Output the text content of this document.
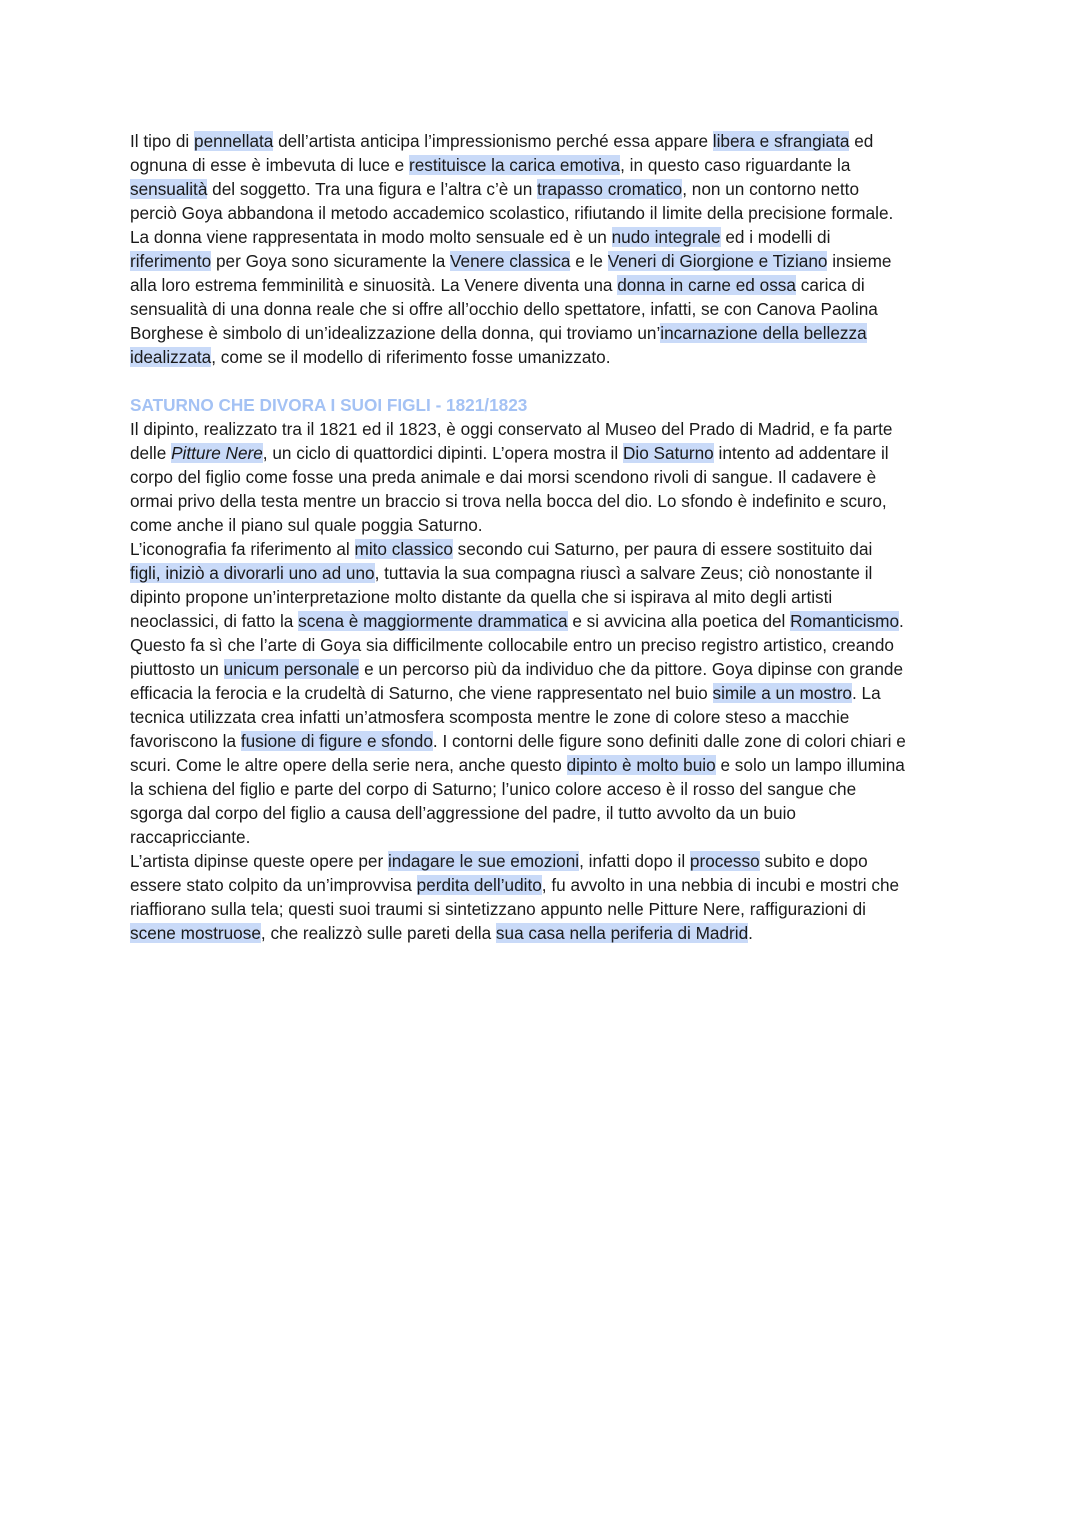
Il tipo di pennellata dell’artista anticipa l’impressionismo perché essa appare libera e sfrangiata ed
ognuna di esse è imbevuta di luce e restituisce la carica emotiva, in questo caso riguardante la
sensualità del soggetto. Tra una figura e l’altra c’è un trapasso cromatico, non un contorno netto
perciò Goya abbandona il metodo accademico scolastico, rifiutando il limite della precisione formale.
La donna viene rappresentata in modo molto sensuale ed è un nudo integrale ed i modelli di
riferimento per Goya sono sicuramente la Venere classica e le Veneri di Giorgione e Tiziano insieme
alla loro estrema femminilità e sinuosità. La Venere diventa una donna in carne ed ossa carica di
sensualità di una donna reale che si offre all’occhio dello spettatore, infatti, se con Canova Paolina
Borghese è simbolo di un’idealizzazione della donna, qui troviamo un’incarnazione della bellezza
idealizzata, come se il modello di riferimento fosse umanizzato.
SATURNO CHE DIVORA I SUOI FIGLI - 1821/1823
Il dipinto, realizzato tra il 1821 ed il 1823, è oggi conservato al Museo del Prado di Madrid, e fa parte
delle Pitture Nere, un ciclo di quattordici dipinti. L’opera mostra il Dio Saturno intento ad addentare il
corpo del figlio come fosse una preda animale e dai morsi scendono rivoli di sangue. Il cadavere è
ormai privo della testa mentre un braccio si trova nella bocca del dio. Lo sfondo è indefinito e scuro,
come anche il piano sul quale poggia Saturno.
L’iconografia fa riferimento al mito classico secondo cui Saturno, per paura di essere sostituito dai
figli, iniziò a divorarli uno ad uno, tuttavia la sua compagna riuscì a salvare Zeus; ciò nonostante il
dipinto propone un’interpretazione molto distante da quella che si ispirava al mito degli artisti
neoclassici, di fatto la scena è maggiormente drammatica e si avvicina alla poetica del Romanticismo.
Questo fa sì che l’arte di Goya sia difficilmente collocabile entro un preciso registro artistico, creando
piuttosto un unicum personale e un percorso più da individuo che da pittore. Goya dipinse con grande
efficacia la ferocia e la crudeltà di Saturno, che viene rappresentato nel buio simile a un mostro. La
tecnica utilizzata crea infatti un’atmosfera scomposta mentre le zone di colore steso a macchie
favoriscono la fusione di figure e sfondo. I contorni delle figure sono definiti dalle zone di colori chiari e
scuri. Come le altre opere della serie nera, anche questo dipinto è molto buio e solo un lampo illumina
la schiena del figlio e parte del corpo di Saturno; l’unico colore acceso è il rosso del sangue che
sgorga dal corpo del figlio a causa dell’aggressione del padre, il tutto avvolto da un buio
raccapricciante.
L’artista dipinse queste opere per indagare le sue emozioni, infatti dopo il processo subito e dopo
essere stato colpito da un’improvvisa perdita dell’udito, fu avvolto in una nebbia di incubi e mostri che
riaffiorano sulla tela; questi suoi traumi si sintetizzano appunto nelle Pitture Nere, raffigurazioni di
scene mostruose, che realizzò sulle pareti della sua casa nella periferia di Madrid.
